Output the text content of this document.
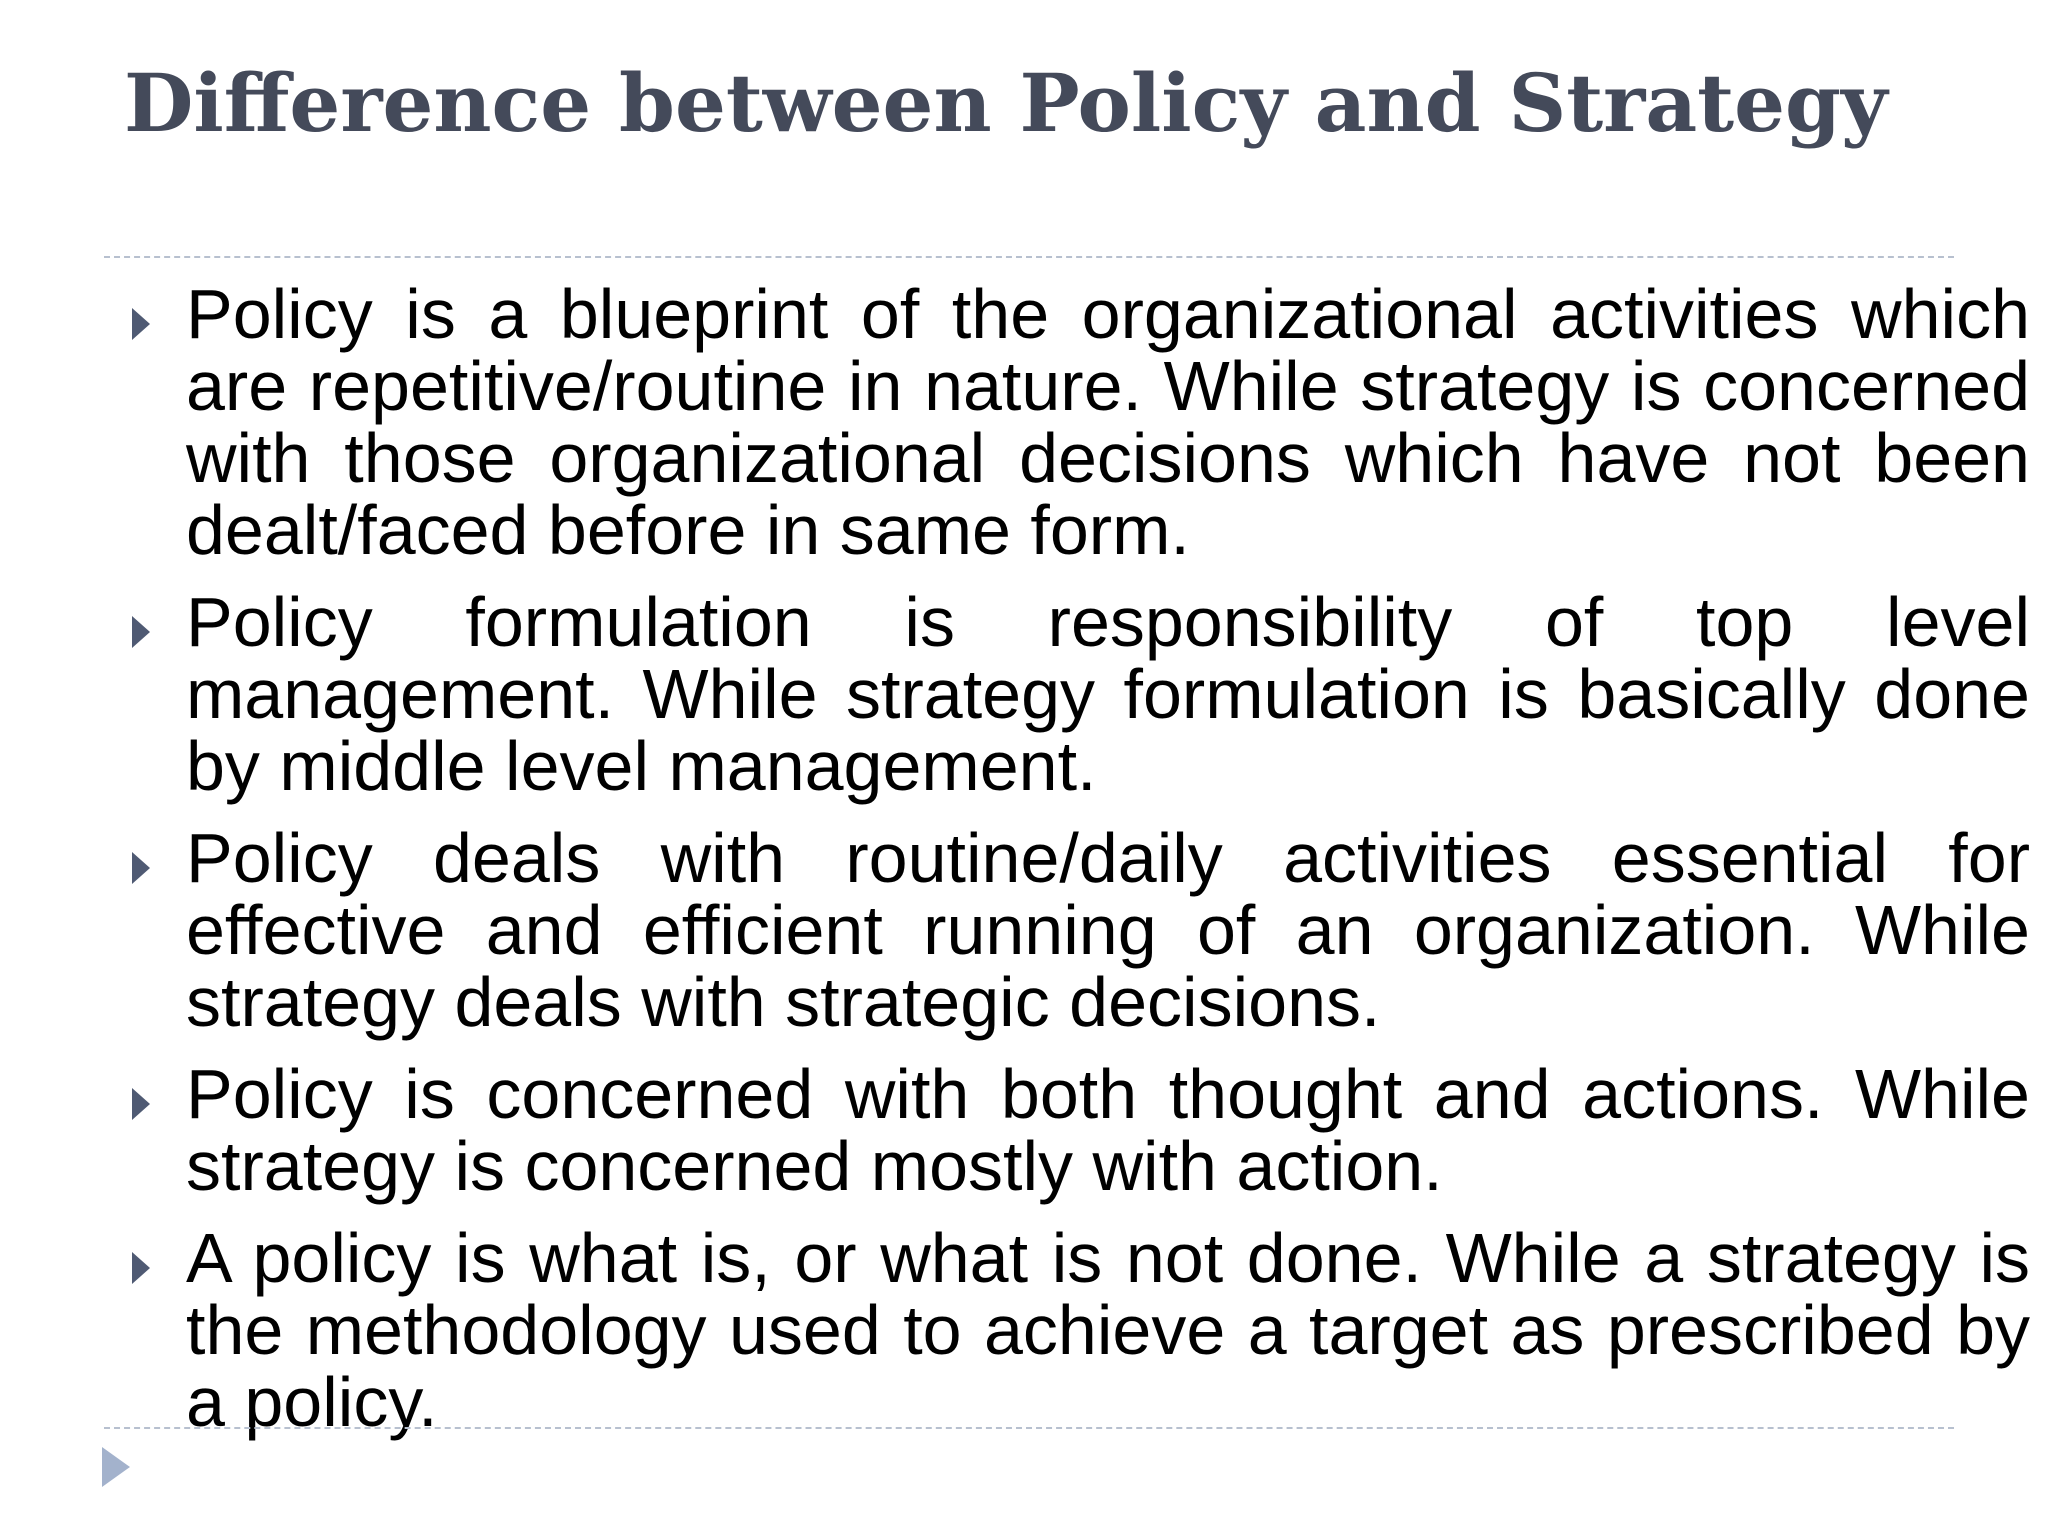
Difference between Policy and Strategy
Policy is a blueprint of the organizational activities which are repetitive/routine in nature. While strategy is concerned with those organizational decisions which have not been dealt/faced before in same form.
Policy formulation is responsibility of top level management. While strategy formulation is basically done by middle level management.
Policy deals with routine/daily activities essential for effective and efficient running of an organization. While strategy deals with strategic decisions.
Policy is concerned with both thought and actions. While strategy is concerned mostly with action.
A policy is what is, or what is not done. While a strategy is the methodology used to achieve a target as prescribed by a policy.
